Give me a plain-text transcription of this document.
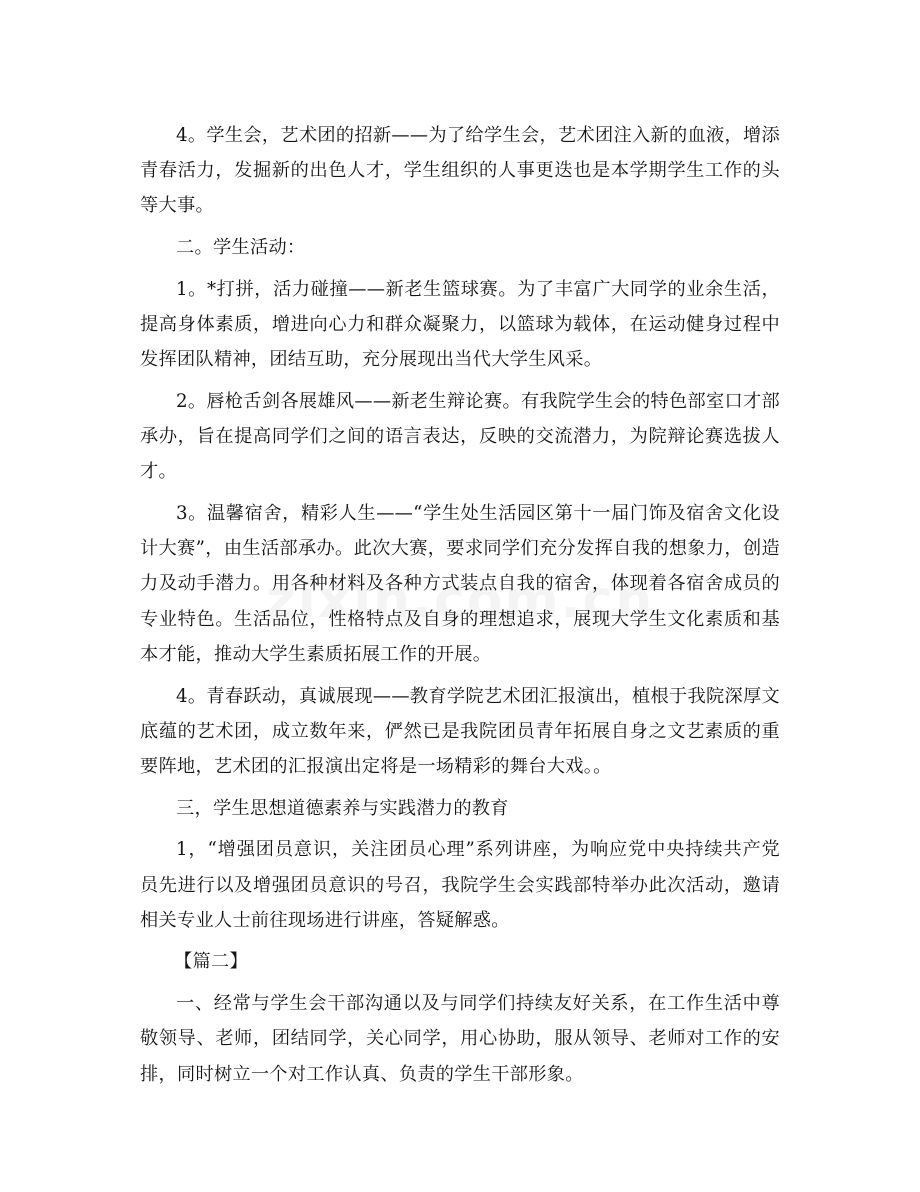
4。学生会，艺术团的招新——为了给学生会，艺术团注入新的血液，增添青春活力，发掘新的出色人才，学生组织的人事更迭也是本学期学生工作的头等大事。

二。学生活动：

1。*打拼，活力碰撞——新老生篮球赛。为了丰富广大同学的业余生活，提高身体素质，增进向心力和群众凝聚力，以篮球为载体，在运动健身过程中发挥团队精神，团结互助，充分展现出当代大学生风采。

2。唇枪舌剑各展雄风——新老生辩论赛。有我院学生会的特色部室口才部承办，旨在提高同学们之间的语言表达，反映的交流潜力，为院辩论赛选拔人才。

3。温馨宿舍，精彩人生——“学生处生活园区第十一届门饰及宿舍文化设计大赛”，由生活部承办。此次大赛，要求同学们充分发挥自我的想象力，创造力及动手潜力。用各种材料及各种方式装点自我的宿舍，体现着各宿舍成员的专业特色。生活品位，性格特点及自身的理想追求，展现大学生文化素质和基本才能，推动大学生素质拓展工作的开展。

4。青春跃动，真诚展现——教育学院艺术团汇报演出，植根于我院深厚文底蕴的艺术团，成立数年来，俨然已是我院团员青年拓展自身之文艺素质的重要阵地，艺术团的汇报演出定将是一场精彩的舞台大戏。。

三，学生思想道德素养与实践潜力的教育

1，“增强团员意识，关注团员心理”系列讲座，为响应党中央持续共产党员先进行以及增强团员意识的号召，我院学生会实践部特举办此次活动，邀请相关专业人士前往现场进行讲座，答疑解惑。

【篇二】

一、经常与学生会干部沟通以及与同学们持续友好关系，在工作生活中尊敬领导、老师，团结同学，关心同学，用心协助，服从领导、老师对工作的安排，同时树立一个对工作认真、负责的学生干部形象。
